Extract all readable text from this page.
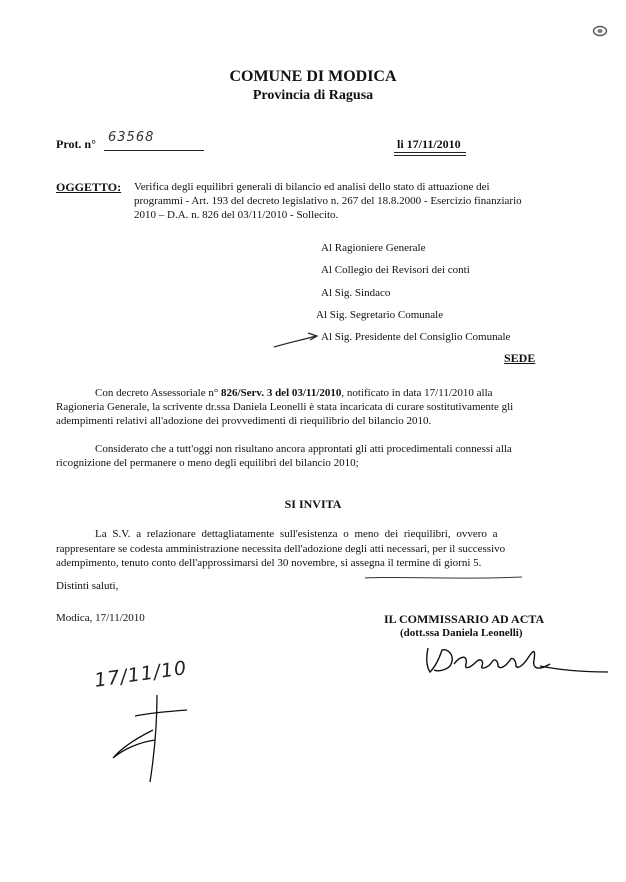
COMUNE DI MODICA
Provincia di Ragusa
Prot. n° 63568	li 17/11/2010
OGGETTO: Verifica degli equilibri generali di bilancio ed analisi dello stato di attuazione dei
programmi - Art. 193 del decreto legislativo n. 267 del 18.8.2000 - Esercizio finanziario
2010 – D.A. n. 826 del 03/11/2010 - Sollecito.
Al Ragioniere Generale
Al Collegio dei Revisori dei conti
Al Sig. Sindaco
Al Sig. Segretario Comunale
Al Sig. Presidente del Consiglio Comunale
SEDE
Con decreto Assessoriale n° 826/Serv. 3 del 03/11/2010, notificato in data 17/11/2010 alla
Ragioneria Generale, la scrivente dr.ssa Daniela Leonelli è stata incaricata di curare sostitutivamente gli
adempimenti relativi all'adozione dei provvedimenti di riequilibrio del bilancio 2010.
Considerato che a tutt'oggi non risultano ancora approntati gli atti procedimentali connessi alla
ricognizione del permanere o meno degli equilibri del bilancio 2010;
SI INVITA
La S.V. a relazionare dettagliatamente sull'esistenza o meno dei riequilibri, ovvero a
rappresentare se codesta amministrazione necessita dell'adozione degli atti necessari, per il successivo
adempimento, tenuto conto dell'approssimarsi del 30 novembre, si assegna il termine di giorni 5.
Distinti saluti,
Modica, 17/11/2010	IL COMMISSARIO AD ACTA
(dott.ssa Daniela Leonelli)
17/11/10
